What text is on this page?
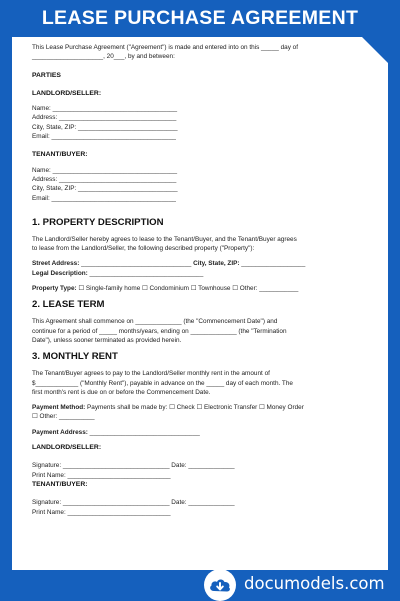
LEASE PURCHASE AGREEMENT

This Lease Purchase Agreement ("Agreement") is made and entered into on this _____ day of

____________________, 20___, by and between:

PARTIES

LANDLORD/SELLER:

Name: ___________________________________

Address: _________________________________

City, State, ZIP: ____________________________

Email: ___________________________________

TENANT/BUYER:

Name: ___________________________________

Address: _________________________________

City, State, ZIP: ____________________________

Email: ___________________________________

1. PROPERTY DESCRIPTION

The Landlord/Seller hereby agrees to lease to the Tenant/Buyer, and the Tenant/Buyer agrees

to lease from the Landlord/Seller, the following described property ("Property"):

Street Address: _______________________________ City, State, ZIP: __________________

Legal Description: ________________________________

Property Type: ☐ Single-family home ☐ Condominium ☐ Townhouse ☐ Other: ___________

2. LEASE TERM

This Agreement shall commence on _____________ (the "Commencement Date") and

continue for a period of _____ months/years, ending on _____________ (the "Termination

Date"), unless sooner terminated as provided herein.

3. MONTHLY RENT

The Tenant/Buyer agrees to pay to the Landlord/Seller monthly rent in the amount of

$____________ ("Monthly Rent"), payable in advance on the _____ day of each month. The

first month's rent is due on or before the Commencement Date.

Payment Method: Payments shall be made by: ☐ Check ☐ Electronic Transfer ☐ Money Order

☐ Other: __________

Payment Address: _______________________________

LANDLORD/SELLER:

Signature: ______________________________ Date: _____________

Print Name: _____________________________

TENANT/BUYER:

Signature: ______________________________ Date: _____________

Print Name: _____________________________

documodels.com
